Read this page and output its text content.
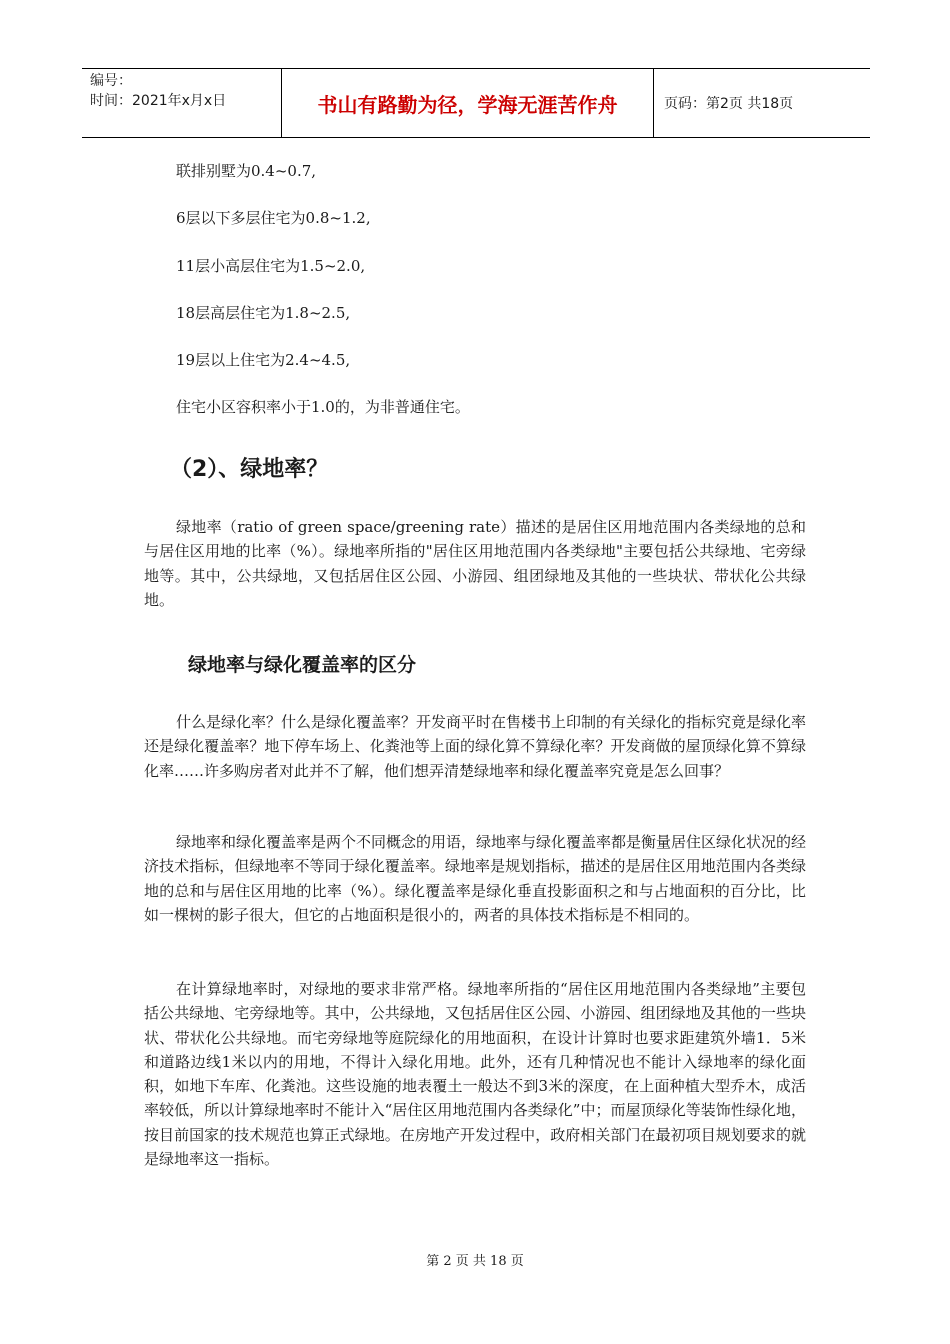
编号：
时间：2021年x月x日	书山有路勤为径，学海无涯苦作舟	页码：第2页 共18页
联排别墅为0.4~0.7,
6层以下多层住宅为0.8~1.2,
11层小高层住宅为1.5~2.0,
18层高层住宅为1.8~2.5,
19层以上住宅为2.4~4.5,
住宅小区容积率小于1.0的，为非普通住宅。
（2）、绿地率？

绿地率（ratio of green space/greening rate）描述的是居住区用地范围内各类绿地的总和与居住区用地的比率（%）。绿地率所指的"居住区用地范围内各类绿地"主要包括公共绿地、宅旁绿地等。其中，公共绿地，又包括居住区公园、小游园、组团绿地及其他的一些块状、带状化公共绿地。

绿地率与绿化覆盖率的区分

什么是绿化率？什么是绿化覆盖率？开发商平时在售楼书上印制的有关绿化的指标究竟是绿化率还是绿化覆盖率？地下停车场上、化粪池等上面的绿化算不算绿化率？开发商做的屋顶绿化算不算绿化率……许多购房者对此并不了解，他们想弄清楚绿地率和绿化覆盖率究竟是怎么回事？

绿地率和绿化覆盖率是两个不同概念的用语，绿地率与绿化覆盖率都是衡量居住区绿化状况的经济技术指标，但绿地率不等同于绿化覆盖率。绿地率是规划指标，描述的是居住区用地范围内各类绿地的总和与居住区用地的比率（%）。绿化覆盖率是绿化垂直投影面积之和与占地面积的百分比，比如一棵树的影子很大，但它的占地面积是很小的，两者的具体技术指标是不相同的。

在计算绿地率时，对绿地的要求非常严格。绿地率所指的“居住区用地范围内各类绿地”主要包括公共绿地、宅旁绿地等。其中，公共绿地，又包括居住区公园、小游园、组团绿地及其他的一些块状、带状化公共绿地。而宅旁绿地等庭院绿化的用地面积，在设计计算时也要求距建筑外墙1．5米和道路边线1米以内的用地，不得计入绿化用地。此外，还有几种情况也不能计入绿地率的绿化面积，如地下车库、化粪池。这些设施的地表覆土一般达不到3米的深度，在上面种植大型乔木，成活率较低，所以计算绿地率时不能计入“居住区用地范围内各类绿化”中；而屋顶绿化等装饰性绿化地，按目前国家的技术规范也算正式绿地。在房地产开发过程中，政府相关部门在最初项目规划要求的就是绿地率这一指标。

第 2 页 共 18 页
